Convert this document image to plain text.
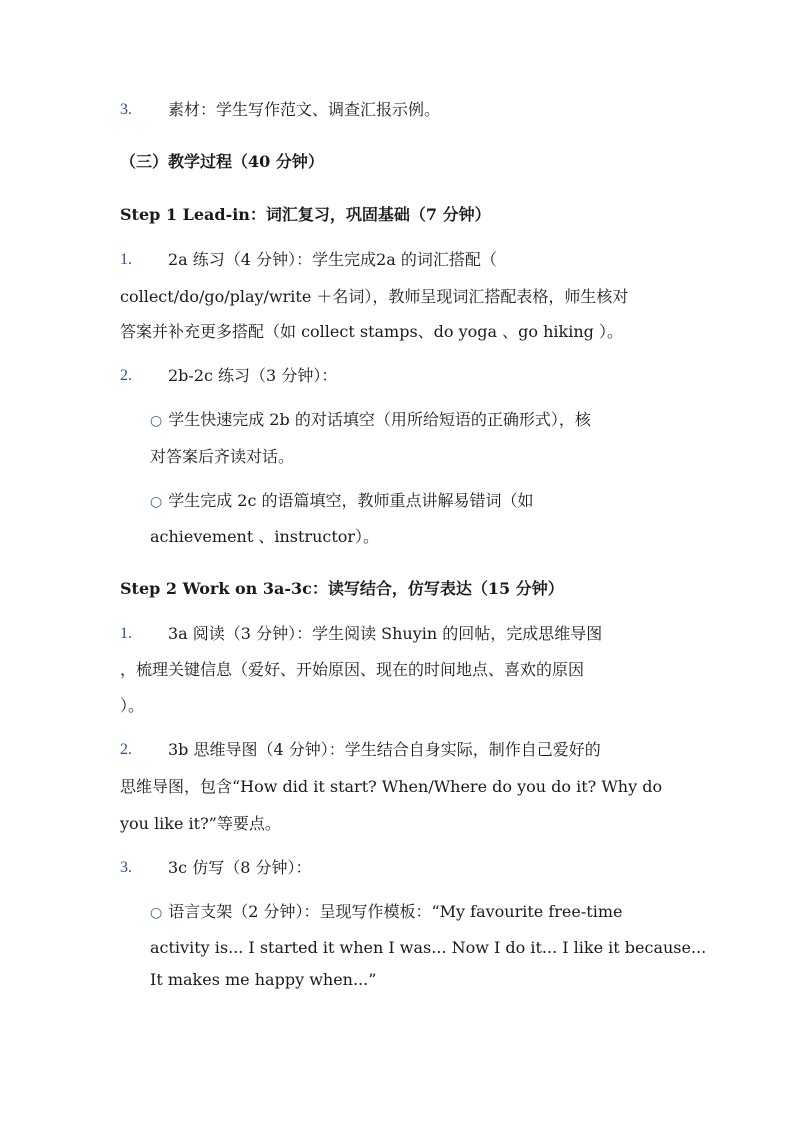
3. 素材：学生写作范文、调查汇报示例。
（三）教学过程（40 分钟）
Step 1 Lead-in：词汇复习，巩固基础（7 分钟）
1. 2a 练习（4 分钟）：学生完成2a 的词汇搭配（
collect/do/go/play/write ＋名词），教师呈现词汇搭配表格，师生核对
答案并补充更多搭配（如 collect stamps、do yoga 、go hiking ）。
2. 2b-2c 练习（3 分钟）：
○ 学生快速完成 2b 的对话填空（用所给短语的正确形式），核
对答案后齐读对话。
○ 学生完成 2c 的语篇填空，教师重点讲解易错词（如
achievement 、instructor）。
Step 2 Work on 3a-3c：读写结合，仿写表达（15 分钟）
1. 3a 阅读（3 分钟）：学生阅读 Shuyin 的回帖，完成思维导图
，梳理关键信息（爱好、开始原因、现在的时间地点、喜欢的原因
）。
2. 3b 思维导图（4 分钟）：学生结合自身实际，制作自己爱好的
思维导图，包含“How did it start? When/Where do you do it? Why do
you like it?”等要点。
3. 3c 仿写（8 分钟）：
○ 语言支架（2 分钟）：呈现写作模板：“My favourite free-time
activity is... I started it when I was... Now I do it... I like it because...
It makes me happy when...”
